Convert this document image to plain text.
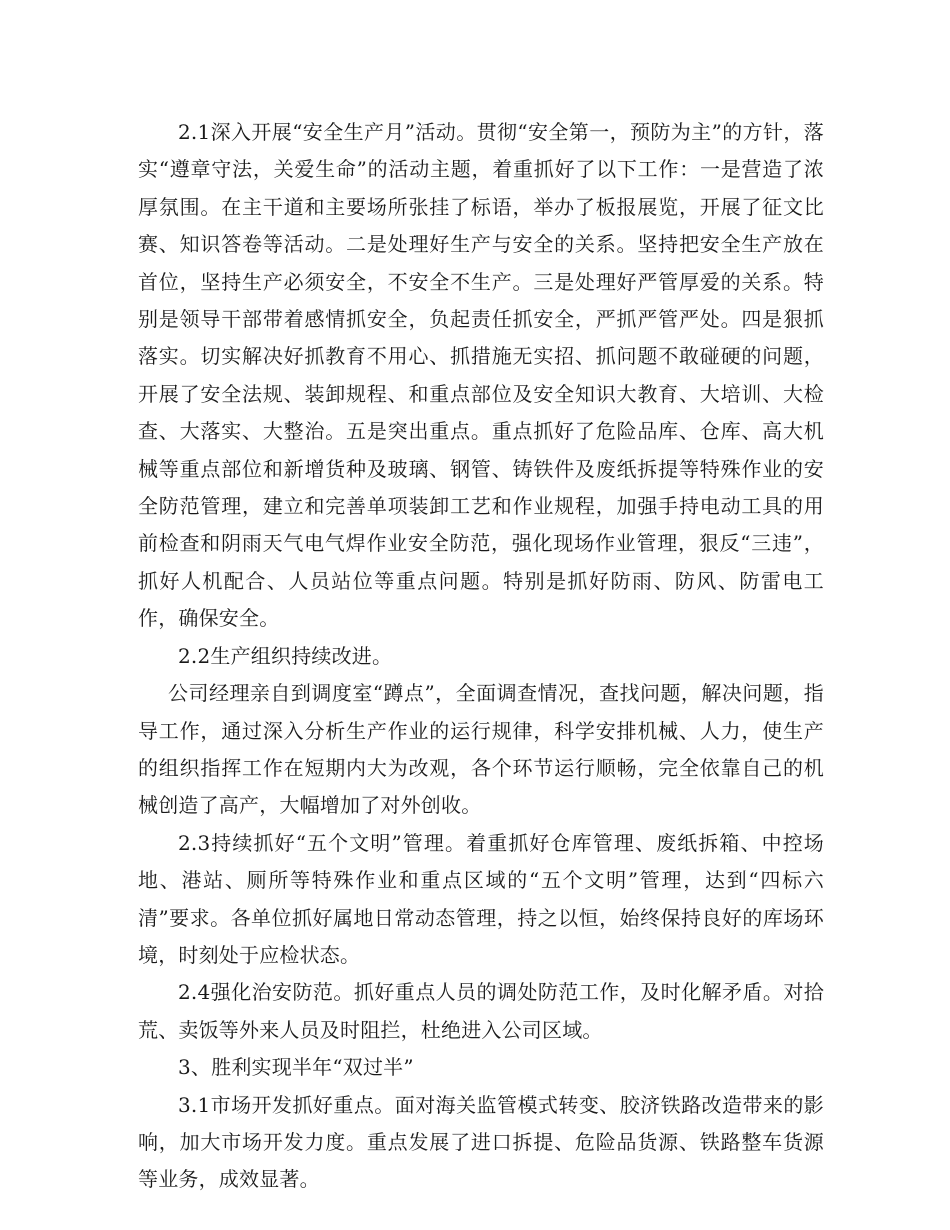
2.1深入开展“安全生产月”活动。贯彻“安全第一，预防为主”的方针，落实“遵章守法，关爱生命”的活动主题，着重抓好了以下工作：一是营造了浓厚氛围。在主干道和主要场所张挂了标语，举办了板报展览，开展了征文比赛、知识答卷等活动。二是处理好生产与安全的关系。坚持把安全生产放在首位，坚持生产必须安全，不安全不生产。三是处理好严管厚爱的关系。特别是领导干部带着感情抓安全，负起责任抓安全，严抓严管严处。四是狠抓落实。切实解决好抓教育不用心、抓措施无实招、抓问题不敢碰硬的问题，开展了安全法规、装卸规程、和重点部位及安全知识大教育、大培训、大检查、大落实、大整治。五是突出重点。重点抓好了危险品库、仓库、高大机械等重点部位和新增货种及玻璃、钢管、铸铁件及废纸拆提等特殊作业的安全防范管理，建立和完善单项装卸工艺和作业规程，加强手持电动工具的用前检查和阴雨天气电气焊作业安全防范，强化现场作业管理，狠反“三违”，抓好人机配合、人员站位等重点问题。特别是抓好防雨、防风、防雷电工作，确保安全。

2.2生产组织持续改进。

公司经理亲自到调度室“蹲点”，全面调查情况，查找问题，解决问题，指导工作，通过深入分析生产作业的运行规律，科学安排机械、人力，使生产的组织指挥工作在短期内大为改观，各个环节运行顺畅，完全依靠自己的机械创造了高产，大幅增加了对外创收。

2.3持续抓好“五个文明”管理。着重抓好仓库管理、废纸拆箱、中控场地、港站、厕所等特殊作业和重点区域的“五个文明”管理，达到“四标六清”要求。各单位抓好属地日常动态管理，持之以恒，始终保持良好的库场环境，时刻处于应检状态。

2.4强化治安防范。抓好重点人员的调处防范工作，及时化解矛盾。对拾荒、卖饭等外来人员及时阻拦，杜绝进入公司区域。

3、胜利实现半年“双过半”

3.1市场开发抓好重点。面对海关监管模式转变、胶济铁路改造带来的影响，加大市场开发力度。重点发展了进口拆提、危险品货源、铁路整车货源等业务，成效显著。
